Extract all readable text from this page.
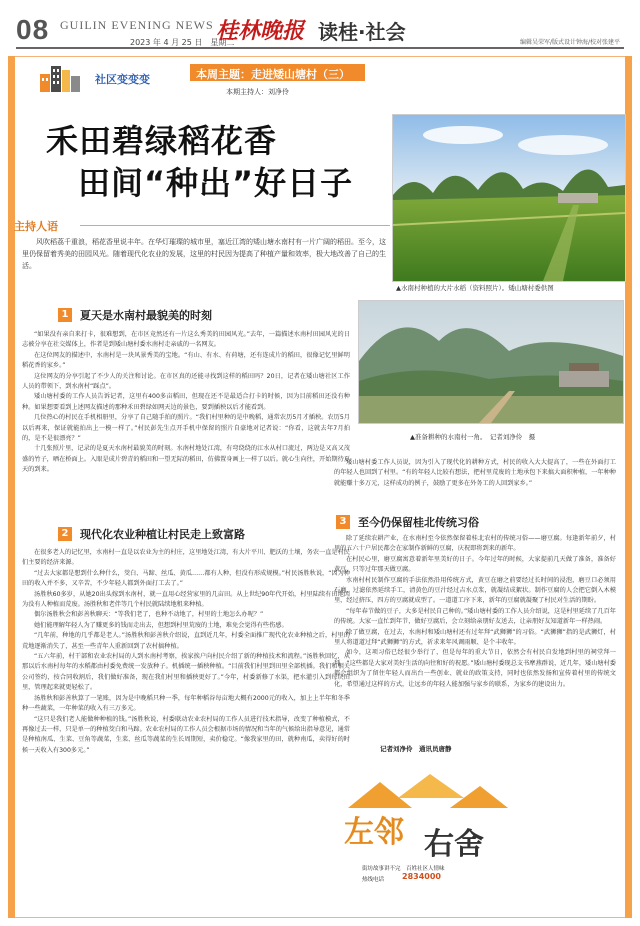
08 GUILIN EVENING NEWS
2023 年 4 月 25 日　星期二
桂林晚报 读桂·社会	编辑吴荣军/版式设计钟海/校对张建平
社区变变变	本周主题：走进矮山塘村（三）
本期主持人：刘净伶
禾田碧绿稻花香
田间“种出”好日子
主持人语
风吹稻荔千重浪，稻花香里说丰年。在华灯璀璨的城市里，塞近江湾的矮山塘水南村有一片广阔的稻田。至今，这里仍保留着秀美的田园风光。随着现代化农业的发展，这里的村民因为提高了种植产量和效率，极大地改善了自己的生活。
▲水南村种植的大片水稻（资料照片）。矮山塘村委供图
▲准备耕种的水南村一角。　记者刘净伶　摄
1	夏天是水南村最貌美的时刻
2	现代化农业种植让村民走上致富路
3	至今仍保留桂北传统习俗

“如果没有亲自来打卡，很难想到，在市区竟然还有一片这么秀美的田园风光。”去年，一篇描述水南村田园风光的日志被分享在社交媒体上，作者是到矮山塘村委水南村走亲戚的一名网友。

在这位网友的描述中，水南村是一块风景秀美的宝地。“有山、有水、有荷塘，还有连成片的稻田，很像记忆里鲜明稻花香的家乡。”

这位网友的分享引起了不少人的关注和讨论。在市区真的还能寻找到这样的稻田吗？20日，记者在矮山塘社区工作人员的带领下，到水南村“踩点”。

矮山塘村委的工作人员告诉记者，这里有400多亩稻田，但现在还不是最适合打卡的时候，因为目前稻田还没有种种。如果想要看到上述网友描述的那种禾田碧绿如网天边的景色，要到插秧以后才能看到。

几位热心的村民在手机相册里，分享了自己随手拍的照片。“我们村里种的是中晚稻，通常农历5月才插秧。农历5月以后再来，保证就能拍出上一模一样了。”村民彭先生点开手机中保留的照片自豪地对记者说：“你看，这就去年7月拍的，是不是很漂亮？”

十几张照片里，记录的是夏天水南村最貌美的时刻。水南村地处江湾，有弯绕绕的江水从村口流过，两边是又高又茂盛的竹子，晒在桥面上。入眼是成片碧青的稻田和一望无际的稻田，仿佛置身画上一样了以后。就心生向往，开始期待夏天的到来。

在很多老人的记忆里，水南村一直是以农业为主的村庄，这里地处江湾，有大片平川、肥沃的土壤，务农一直是村民们主要的经济来源。

“过去大家都是想到什么种什么，茭白、马蹄、丝瓜、黄瓜……都有人种，但没有形成规模。”村民汤胜秋说，“因为种田的收入并不多，又辛苦，不少年轻人都到外面打工去了。”

汤胜秋60多岁，从她20出头嫁到水南村，就一直用心经营家里的几亩田。从上世纪90年代开始，村里陆续有田地因为没有人种植而荒废。汤胜秋和老伴等几个村民就陆续地租来种植。

偶尔汤胜秋会和彭善秋聊天：“等我们老了，也种不动地了，村里的土地怎么办呢？”

她们能理解年轻人为了赚更多的钱而走出去，但想到村里荒废的土地，难免会觉得有些伤感。

“几年前，种地的几乎都是老人。”汤胜秋和彭善秋介绍说，直到近几年，村委全面推广现代化农业种植之后，村里的荒地逐渐消失了，甚至一些青年人重新回到了农村搞种植。

“五六年前，村干部和农业农村局的人到水南村考察，挨家挨户向村民介绍了新的种植技术和流程。”汤胜秋回忆，从那以后水南村每年的水稻都由村委免费统一发放种子。机插统一插秧种植。“目前我们村里到田里全部机插。我们和相关公司签约，按合同收割后，我们做好准备，现在我们村里和插秧更好了。”今年，村委新修了水渠，把水灌引入到每块田里，管理起来就更轻松了。

汤胜秋和彭善秋算了一笔账，因为是中晚稻只种一季，每年种稻谷每亩地大概有2000元的收入，加上上半年和冬季种一些蔬菜，一年种菜的收入有三万多元。

“这只是我们老人能做种种植的钱。”汤胜秋说，村委联动农业农村局的工作人员进行技术指导，改变了种植模式，不再像过去一样，只是单一的种植茭白和马蹄。农业农村局的工作人员会根据市场的情况和当年的气候给出指导意见，通常是种植南瓜、生菜、豆角等蔬菜，生菜、丝瓜等蔬菜的生长周期短，卖价稳定。“像我家里的田，就种南瓜，卖得好的时候一天收入有300多元。”

矮山塘村委工作人员说，因为引入了现代化的耕种方式，村民的收入大大提高了，一些在外面打工的年轻人也回到了村里。“有的年轻人比较有想法，把村里荒废的土地承包下来搞大面积种植，一年种种就能赚十多万元，这样成功的例子，鼓励了更多在外务工的人回到家乡。”

除了延续农耕产业，在水南村至今依然保留着桂北农村的传统习俗——磨豆腐。每逢新年前夕，村里的五六十户居民都会在家制作新鲜的豆腐，庆祝即将到来的新年。

在村民心里，磨豆腐寓意着新年里美好的日子。今年过年的时候，大家提前几天做了准备，准备好黄豆，只等过年那天做豆腐。

水南村村民制作豆腐的手法依然沿用传统方式，黄豆在磨之前要经过长时间的浸泡，磨豆口必须用石磨，过滤依然延续手工，清黄色的豆汁经过吉水点浆，就凝结成絮状。制作豆腐的人会把它倒入木模里，经过挤压，四方的豆腐就成型了。一道道工序下来，新年的豆腐就凝聚了村民对生活的期盼。

“每年春节做的豆子，大多是村民自己种的。”矮山塘村委的工作人员介绍说，这是村里延续了几百年的传统。大家一直忙到年节，做好豆腐后，会立刻给亲朋好友送去，让亲朋好友知道新年一样热闹。

除了做豆腐，在过去，水南村和矮山塘村还有过年拜“武狮狮”的习俗。“武狮狮”指的是武狮灯，村里人将道道过拜“武狮狮”的方式，祈求来年风调雨顺、是个丰收年。

如今，这项习俗已经很少举行了，但是每年的重大节日，依然会有村民自发地到村里的祠堂拜一拜。“这些都是大家对美好生活的向往和好的祝愿。”矮山塘村委现总支书摩燕群说，近几年，矮山塘村委都会组织为了留住年轻人而出台一些创业、就业的政策支持，同时也依然发扬和宣传着村里的传统文化，希望通过这样的方式，让远乡的年轻人能加强与家乡的联系，为家乡的建设出力。

记者刘净伶　通讯员唐静
左邻 右舍
街坊故事讲不完　百姓社区人情味
热线电话 2834000
